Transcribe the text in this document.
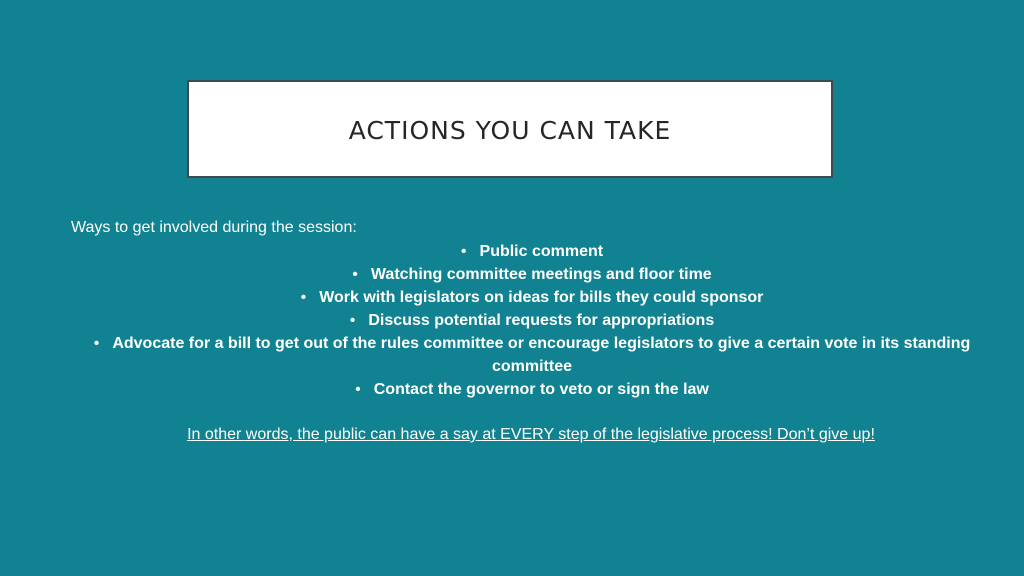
ACTIONS YOU CAN TAKE

Ways to get involved during the session:

• Public comment
• Watching committee meetings and floor time
• Work with legislators on ideas for bills they could sponsor
• Discuss potential requests for appropriations
• Advocate for a bill to get out of the rules committee or encourage legislators to give a certain vote in its standing committee
• Contact the governor to veto or sign the law

In other words, the public can have a say at EVERY step of the legislative process! Don’t give up!
